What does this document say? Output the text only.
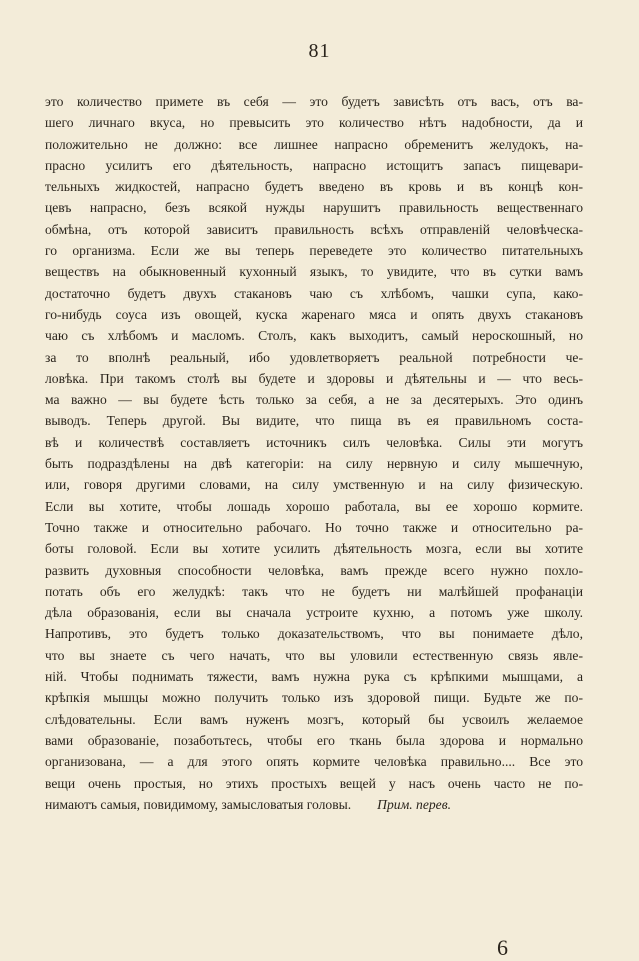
81
это количество примете въ себя — это будетъ зависѣть отъ васъ, отъ ва-
шего личнаго вкуса, но превысить это количество нѣтъ надобности, да и
положительно не должно: все лишнее напрасно обременитъ желудокъ, на-
прасно усилитъ его дѣятельность, напрасно истощитъ запасъ пищевари-
тельныхъ жидкостей, напрасно будетъ введено въ кровь и въ концѣ кон-
цевъ напрасно, безъ всякой нужды нарушитъ правильность вещественнаго
обмѣна, отъ которой зависитъ правильность всѣхъ отправленій человѣческа-
го организма. Если же вы теперь переведете это количество питательныхъ
веществъ на обыкновенный кухонный языкъ, то увидите, что въ сутки вамъ
достаточно будетъ двухъ стакановъ чаю съ хлѣбомъ, чашки супа, како-
го-нибудь соуса изъ овощей, куска жаренаго мяса и опять двухъ стакановъ
чаю съ хлѣбомъ и масломъ. Столъ, какъ выходитъ, самый нероскошный, но
за то вполнѣ реальный, ибо удовлетворяетъ реальной потребности че-
ловѣка. При такомъ столѣ вы будете и здоровы и дѣятельны и — что весь-
ма важно — вы будете ѣсть только за себя, а не за десятерыхъ. Это одинъ
выводъ. Теперь другой. Вы видите, что пища въ ея правильномъ соста-
вѣ и количествѣ составляетъ источникъ силъ человѣка. Силы эти могутъ
быть подраздѣлены на двѣ категоріи: на силу нервную и силу мышечную,
или, говоря другими словами, на силу умственную и на силу физическую.
Если вы хотите, чтобы лошадь хорошо работала, вы ее хорошо кормите.
Точно также и относительно рабочаго. Но точно также и относительно ра-
боты головой. Если вы хотите усилить дѣятельность мозга, если вы хотите
развить духовныя способности человѣка, вамъ прежде всего нужно похло-
потать объ его желудкѣ: такъ что не будетъ ни малѣйшей профанаціи
дѣла образованія, если вы сначала устроите кухню, а потомъ уже школу.
Напротивъ, это будетъ только доказательствомъ, что вы понимаете дѣло,
что вы знаете съ чего начать, что вы уловили естественную связь явле-
ній. Чтобы поднимать тяжести, вамъ нужна рука съ крѣпкими мышцами, а
крѣпкія мышцы можно получить только изъ здоровой пищи. Будьте же по-
слѣдовательны. Если вамъ нуженъ мозгъ, который бы усвоилъ желаемое
вами образованіе, позаботьтесь, чтобы его ткань была здорова и нормально
организована, — а для этого опять кормите человѣка правильно.... Все это
вещи очень простыя, но этихъ простыхъ вещей у насъ очень часто не по-
нимаютъ самыя, повидимому, замысловатыя головы. Прим. перев.
6
